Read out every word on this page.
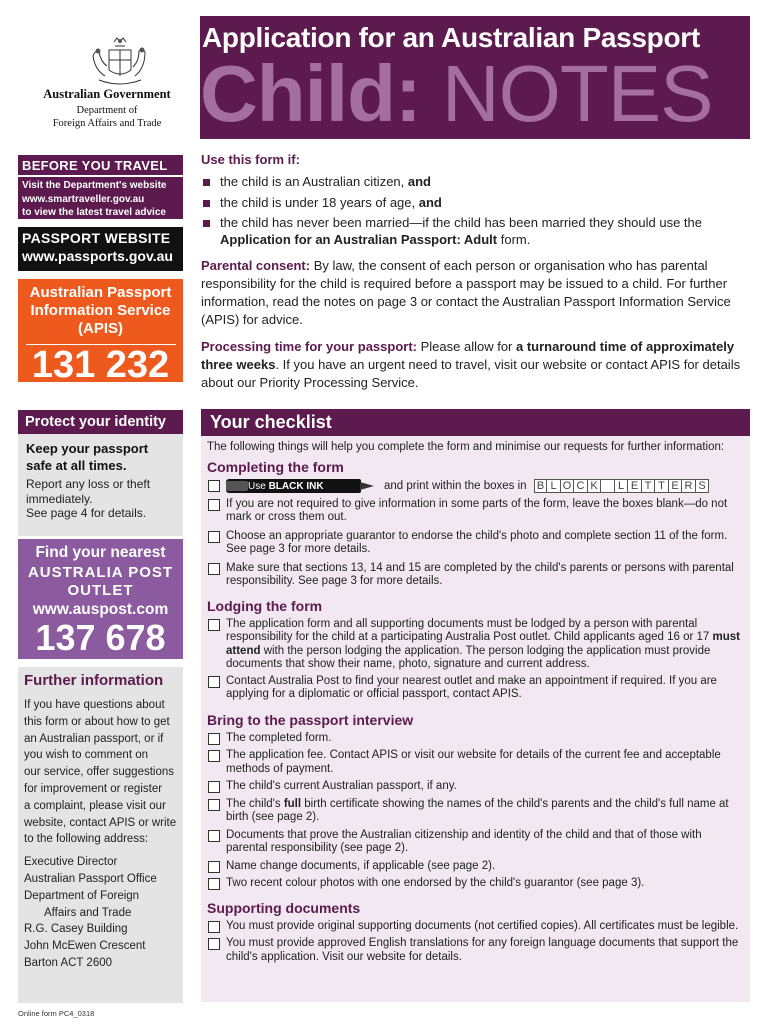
Australian Government
Department of
Foreign Affairs and Trade
Application for an Australian Passport
Child: NOTES
BEFORE YOU TRAVEL
Visit the Department's website
www.smartraveller.gov.au
to view the latest travel advice
PASSPORT WEBSITE
www.passports.gov.au
Australian Passport
Information Service
(APIS)
131 232
Protect your identity
Keep your passport
safe at all times.
Report any loss or theft
immediately.
See page 4 for details.
Find your nearest
AUSTRALIA POST
OUTLET
www.auspost.com
137 678
Further information
If you have questions about
this form or about how to get
an Australian passport, or if
you wish to comment on
our service, offer suggestions
for improvement or register
a complaint, please visit our
website, contact APIS or write
to the following address:
Executive Director
Australian Passport Office
Department of Foreign
Affairs and Trade
R.G. Casey Building
John McEwen Crescent
Barton ACT 2600
Online form PC4_0318
Use this form if:
the child is an Australian citizen, and
the child is under 18 years of age, and
the child has never been married—if the child has been married they should use the Application for an Australian Passport: Adult form.

Parental consent: By law, the consent of each person or organisation who has parental responsibility for the child is required before a passport may be issued to a child. For further information, read the notes on page 3 or contact the Australian Passport Information Service (APIS) for advice.

Processing time for your passport: Please allow for a turnaround time of approximately three weeks. If you have an urgent need to travel, visit our website or contact APIS for details about our Priority Processing Service.

Your checklist
The following things will help you complete the form and minimise our requests for further information:
Completing the form
Use BLACK INK	and print within the boxes in B L O C K	L E T T E R S
If you are not required to give information in some parts of the form, leave the boxes blank—do not mark or cross them out.
Choose an appropriate guarantor to endorse the child's photo and complete section 11 of the form. See page 3 for more details.
Make sure that sections 13, 14 and 15 are completed by the child's parents or persons with parental responsibility. See page 3 for more details.
Lodging the form
The application form and all supporting documents must be lodged by a person with parental responsibility for the child at a participating Australia Post outlet. Child applicants aged 16 or 17 must attend with the person lodging the application. The person lodging the application must provide documents that show their name, photo, signature and current address.
Contact Australia Post to find your nearest outlet and make an appointment if required. If you are applying for a diplomatic or official passport, contact APIS.
Bring to the passport interview
The completed form.
The application fee. Contact APIS or visit our website for details of the current fee and acceptable methods of payment.
The child's current Australian passport, if any.
The child's full birth certificate showing the names of the child's parents and the child's full name at birth (see page 2).
Documents that prove the Australian citizenship and identity of the child and that of those with parental responsibility (see page 2).
Name change documents, if applicable (see page 2).
Two recent colour photos with one endorsed by the child's guarantor (see page 3).
Supporting documents
You must provide original supporting documents (not certified copies). All certificates must be legible.
You must provide approved English translations for any foreign language documents that support the child's application. Visit our website for details.
